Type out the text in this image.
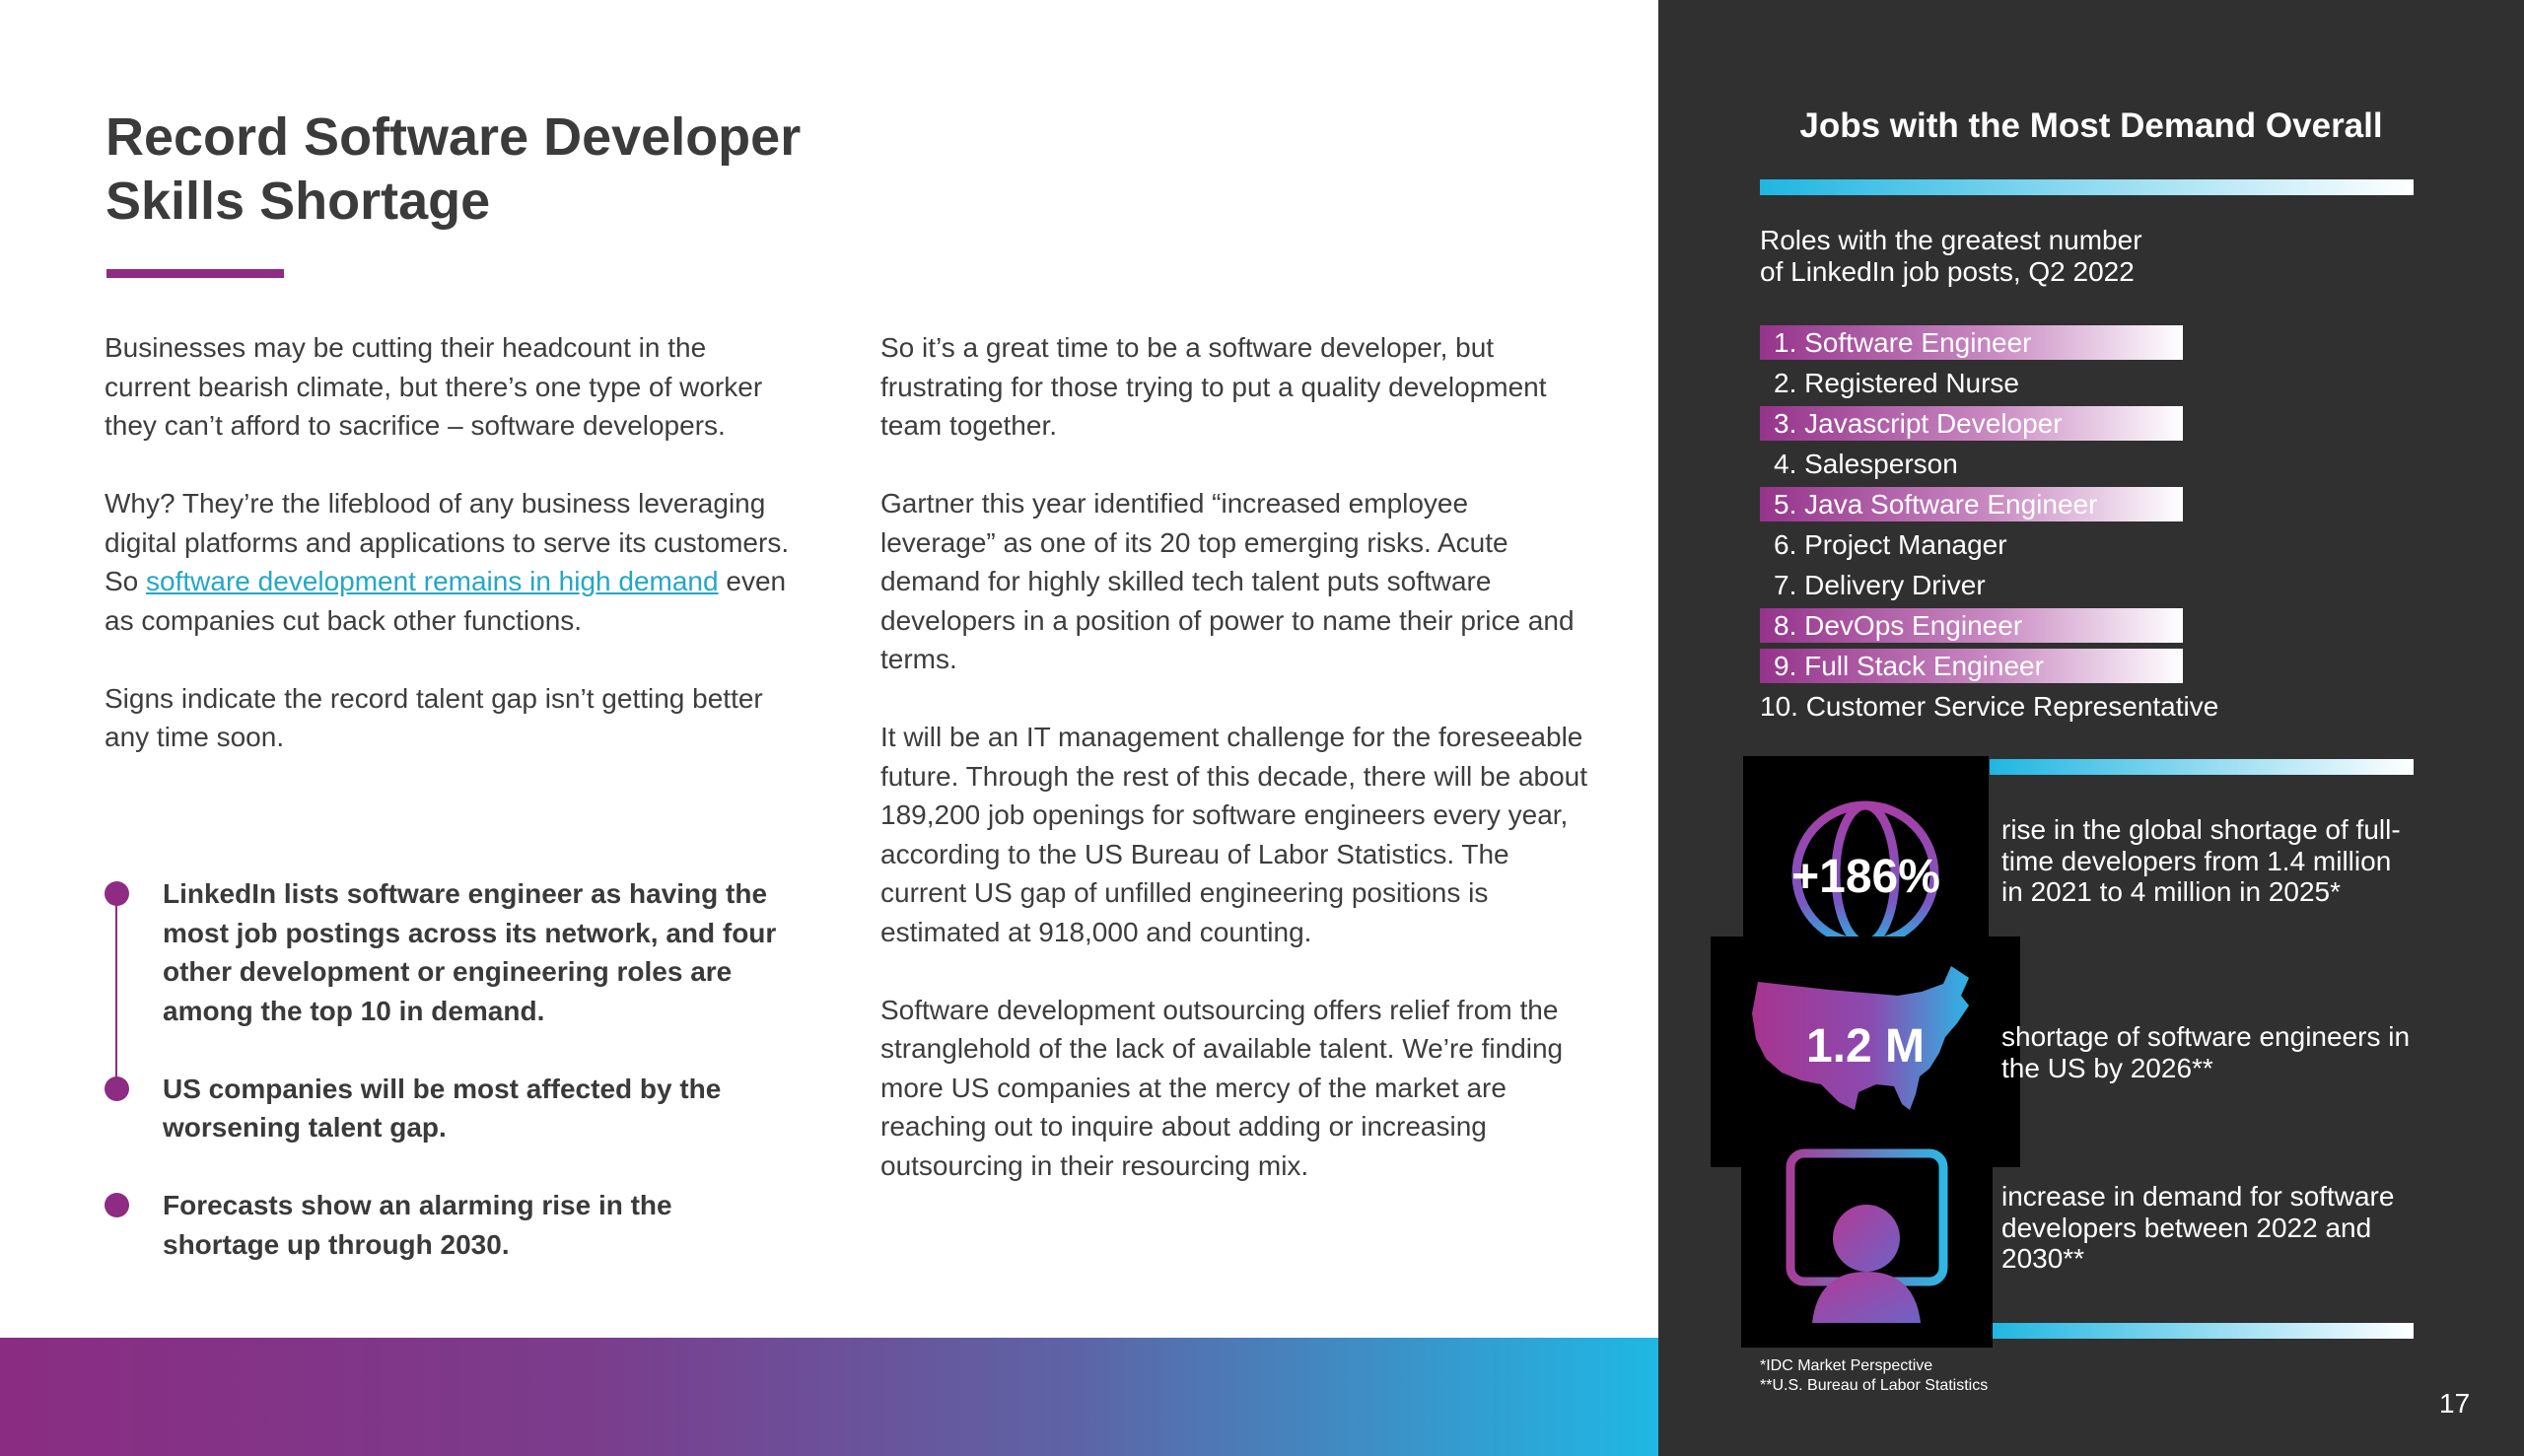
Record Software Developer
Skills Shortage

Businesses may be cutting their headcount in the current bearish climate, but there’s one type of worker they can’t afford to sacrifice – software developers.

Why? They’re the lifeblood of any business leveraging digital platforms and applications to serve its customers. So software development remains in high demand even as companies cut back other functions.

Signs indicate the record talent gap isn’t getting better any time soon.

LinkedIn lists software engineer as having the most job postings across its network, and four other development or engineering roles are among the top 10 in demand.
US companies will be most affected by the worsening talent gap.
Forecasts show an alarming rise in the shortage up through 2030.

So it’s a great time to be a software developer, but frustrating for those trying to put a quality development team together.

Gartner this year identified “increased employee leverage” as one of its 20 top emerging risks. Acute demand for highly skilled tech talent puts software developers in a position of power to name their price and terms.

It will be an IT management challenge for the foreseeable future. Through the rest of this decade, there will be about 189,200 job openings for software engineers every year, according to the US Bureau of Labor Statistics. The current US gap of unfilled engineering positions is estimated at 918,000 and counting.

Software development outsourcing offers relief from the stranglehold of the lack of available talent. We’re finding more US companies at the mercy of the market are reaching out to inquire about adding or increasing outsourcing in their resourcing mix.

Jobs with the Most Demand Overall
Roles with the greatest number
of LinkedIn job posts, Q2 2022
1. Software Engineer
2. Registered Nurse
3. Javascript Developer
4. Salesperson
5. Java Software Engineer
6. Project Manager
7. Delivery Driver
8. DevOps Engineer
9. Full Stack Engineer
10. Customer Service Representative
+186%
rise in the global shortage of full-time developers from 1.4 million in 2021 to 4 million in 2025*
1.2 M	shortage of software engineers in the US by 2026**
increase in demand for software developers between 2022 and 2030**
*IDC Market Perspective
**U.S. Bureau of Labor Statistics
17
